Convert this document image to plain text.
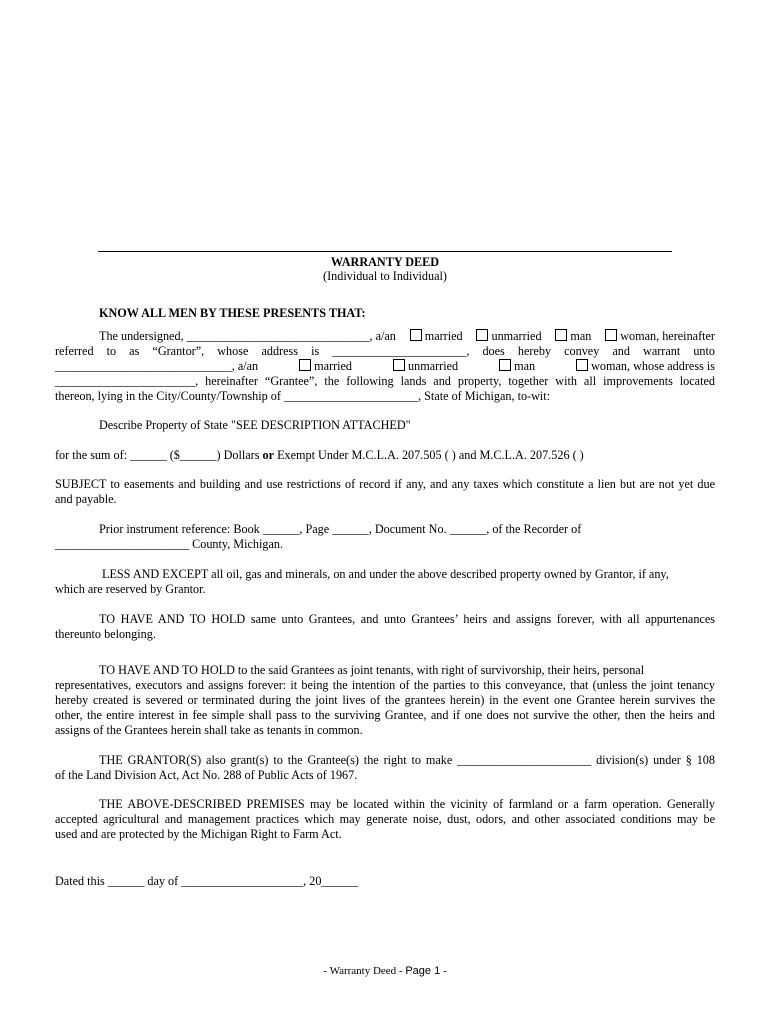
WARRANTY DEED
(Individual to Individual)
KNOW ALL MEN BY THESE PRESENTS THAT:
The undersigned, ______________________________, a/an	married	unmarried	man	woman, hereinafter
referred to as “Grantor”, whose address is ______________________, does hereby convey and warrant unto
_____________________________, a/an	married	unmarried	man	woman, whose address is
_______________________, hereinafter “Grantee”, the following lands and property, together with all improvements located
thereon, lying in the City/County/Township of ______________________, State of Michigan, to-wit:
Describe Property of State "SEE DESCRIPTION ATTACHED"
for the sum of: ______ ($______) Dollars or Exempt Under M.C.L.A. 207.505 ( ) and M.C.L.A. 207.526 ( )
SUBJECT to easements and building and use restrictions of record if any, and any taxes which constitute a lien but are not yet due
and payable.
Prior instrument reference: Book ______, Page ______, Document No. ______, of the Recorder of
______________________ County, Michigan.
LESS AND EXCEPT all oil, gas and minerals, on and under the above described property owned by Grantor, if any,
which are reserved by Grantor.
TO HAVE AND TO HOLD same unto Grantees, and unto Grantees’ heirs and assigns forever, with all appurtenances
thereunto belonging.
TO HAVE AND TO HOLD to the said Grantees as joint tenants, with right of survivorship, their heirs, personal
representatives, executors and assigns forever: it being the intention of the parties to this conveyance, that (unless the joint tenancy
hereby created is severed or terminated during the joint lives of the grantees herein) in the event one Grantee herein survives the
other, the entire interest in fee simple shall pass to the surviving Grantee, and if one does not survive the other, then the heirs and
assigns of the Grantees herein shall take as tenants in common.
THE GRANTOR(S) also grant(s) to the Grantee(s) the right to make ______________________ division(s) under § 108
of the Land Division Act, Act No. 288 of Public Acts of 1967.
THE ABOVE-DESCRIBED PREMISES may be located within the vicinity of farmland or a farm operation. Generally
accepted agricultural and management practices which may generate noise, dust, odors, and other associated conditions may be
used and are protected by the Michigan Right to Farm Act.
Dated this ______ day of ____________________, 20______
- Warranty Deed - Page 1 -
